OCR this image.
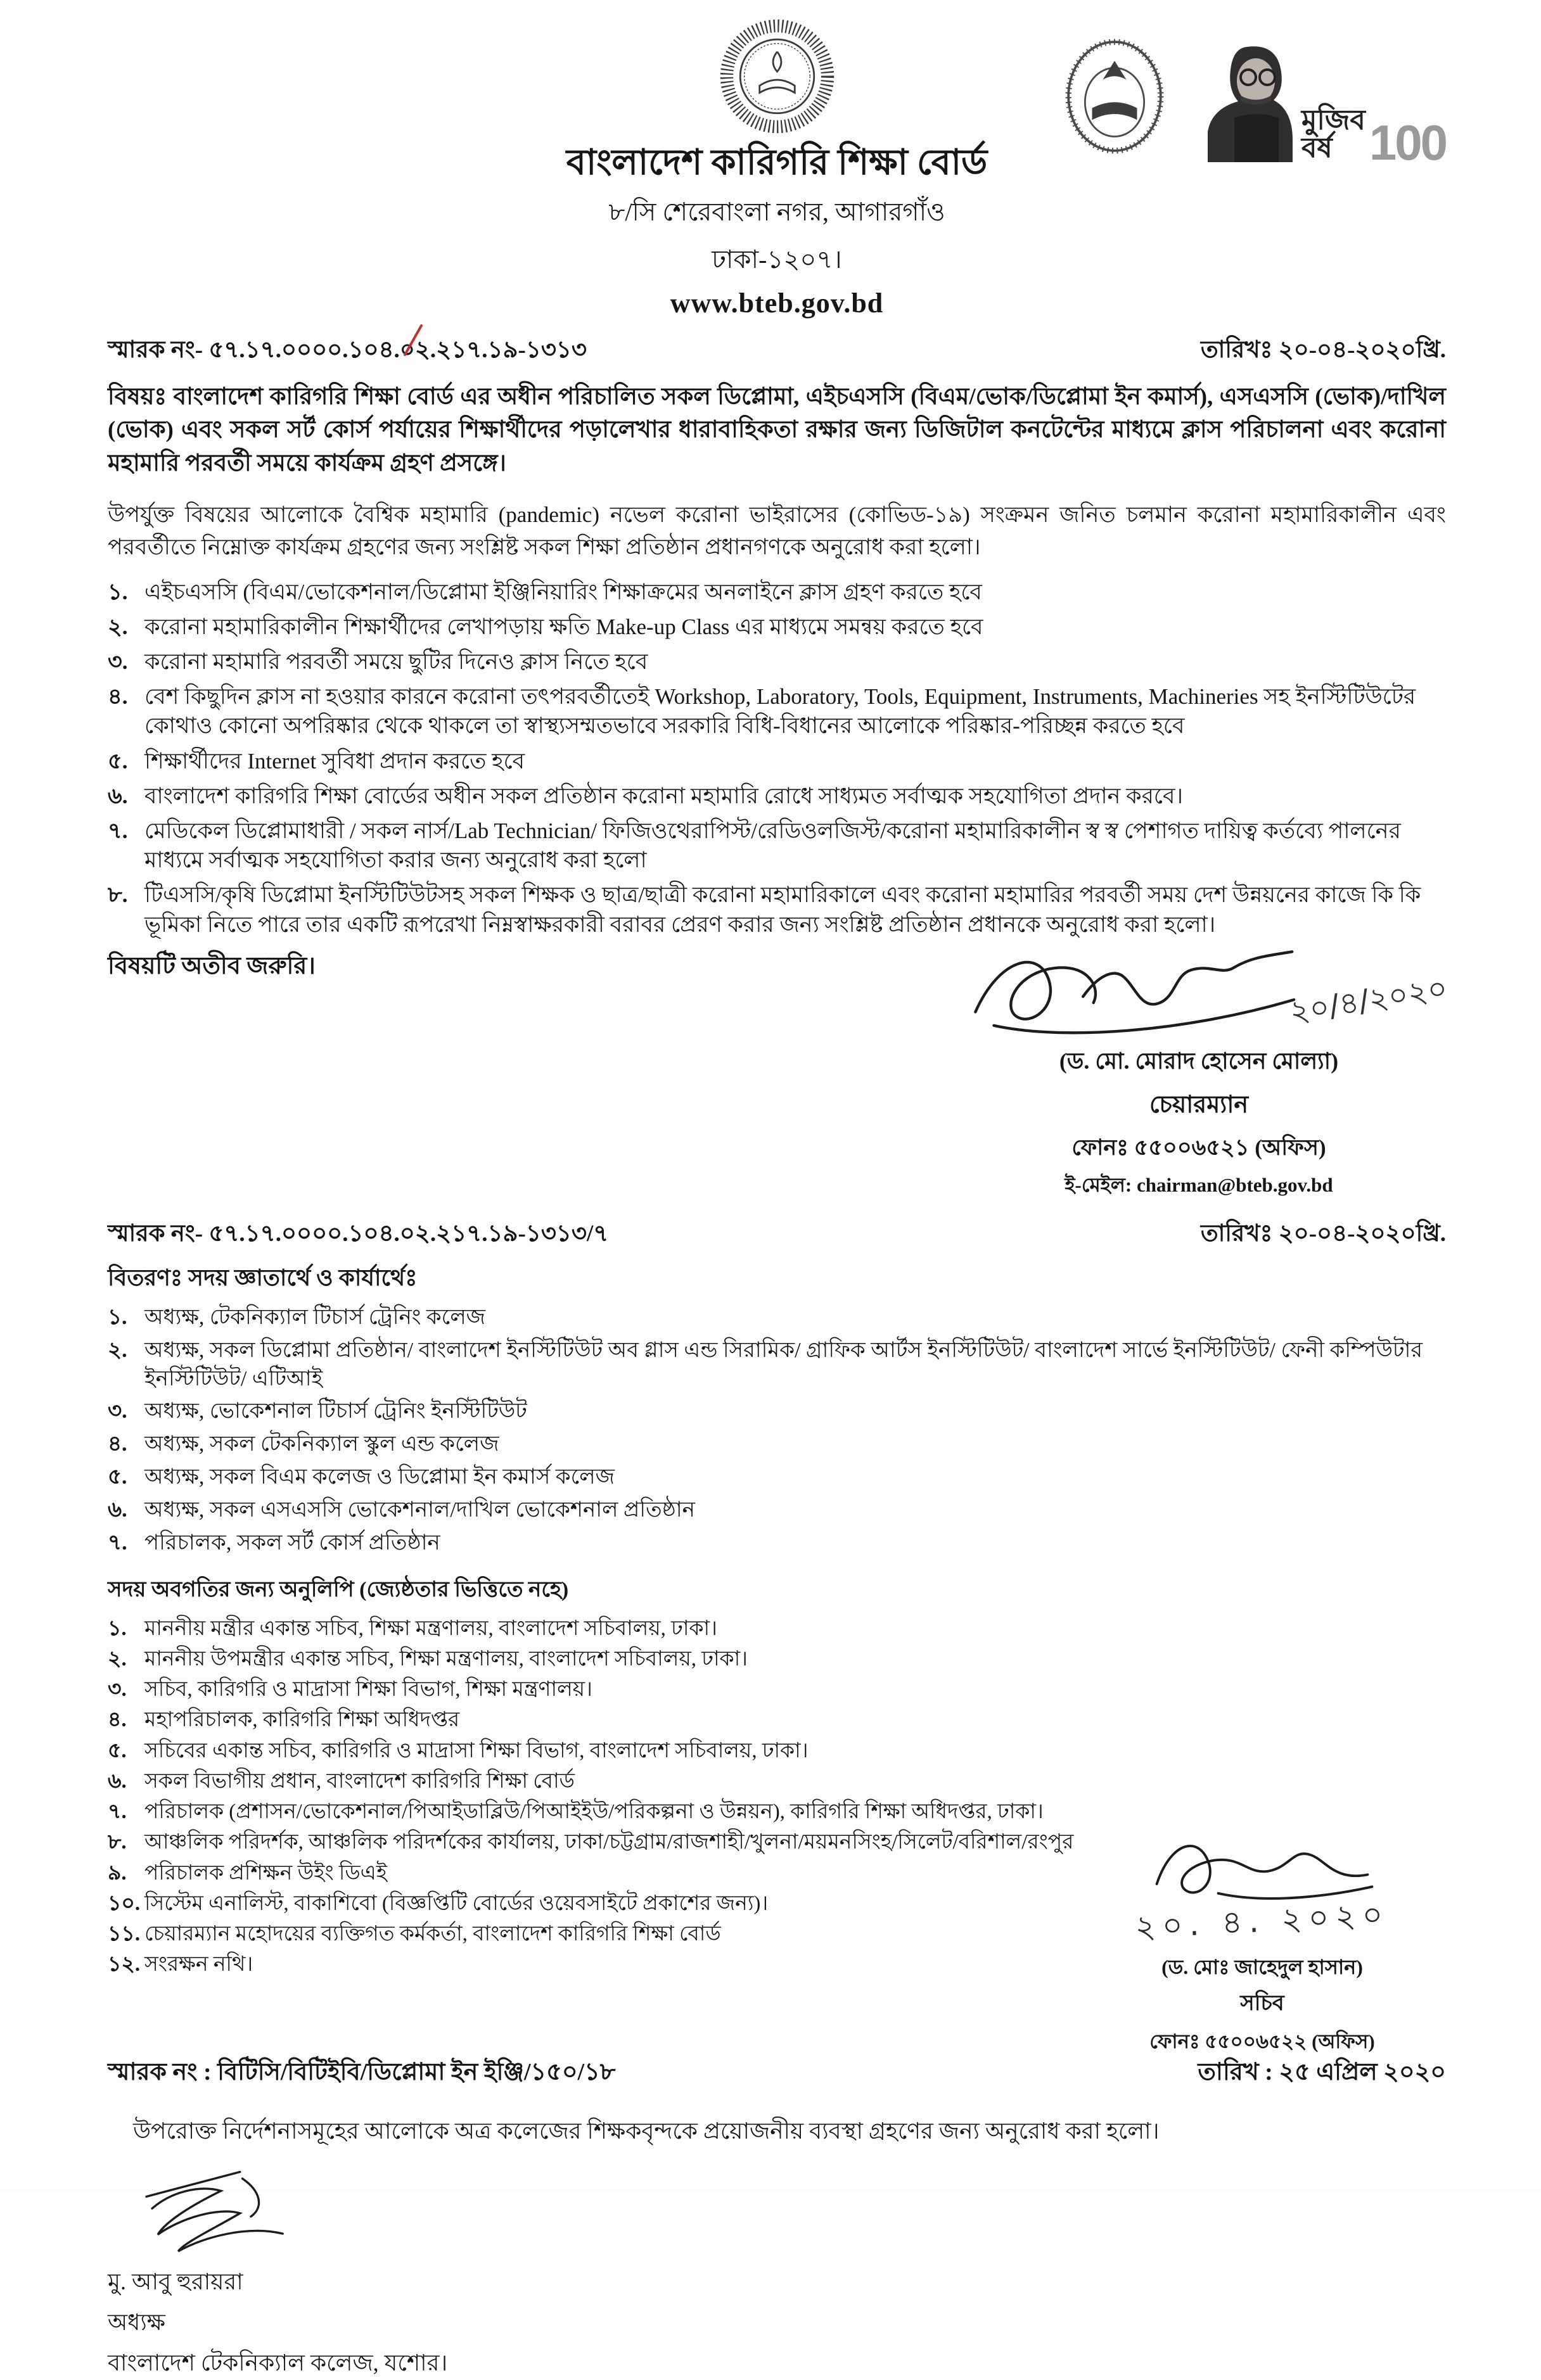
মুজিব
বর্ষ 100
বাংলাদেশ কারিগরি শিক্ষা বোর্ড
৮/সি শেরেবাংলা নগর, আগারগাঁও
ঢাকা-১২০৭।
www.bteb.gov.bd
স্মারক নং- ৫৭.১৭.০০০০.১০৪.০২.২১৭.১৯-১৩১৩	তারিখঃ ২০-০৪-২০২০খ্রি.
বিষয়ঃ বাংলাদেশ কারিগরি শিক্ষা বোর্ড এর অধীন পরিচালিত সকল ডিপ্লোমা, এইচএসসি (বিএম/ভোক/ডিপ্লোমা ইন কমার্স), এসএসসি (ভোক)/দাখিল (ভোক) এবং সকল সর্ট কোর্স পর্যায়ের শিক্ষার্থীদের পড়ালেখার ধারাবাহিকতা রক্ষার জন্য ডিজিটাল কনটেন্টের মাধ্যমে ক্লাস পরিচালনা এবং করোনা মহামারি পরবর্তী সময়ে কার্যক্রম গ্রহণ প্রসঙ্গে।
উপর্যুক্ত বিষয়ের আলোকে বৈশ্বিক মহামারি (pandemic) নভেল করোনা ভাইরাসের (কোভিড-১৯) সংক্রমন জনিত চলমান করোনা মহামারিকালীন এবং পরবর্তীতে নিম্নোক্ত কার্যক্রম গ্রহণের জন্য সংশ্লিষ্ট সকল শিক্ষা প্রতিষ্ঠান প্রধানগণকে অনুরোধ করা হলো।
১. এইচএসসি (বিএম/ভোকেশনাল/ডিপ্লোমা ইঞ্জিনিয়ারিং শিক্ষাক্রমের অনলাইনে ক্লাস গ্রহণ করতে হবে
২. করোনা মহামারিকালীন শিক্ষার্থীদের লেখাপড়ায় ক্ষতি Make-up Class এর মাধ্যমে সমন্বয় করতে হবে
৩. করোনা মহামারি পরবর্তী সময়ে ছুটির দিনেও ক্লাস নিতে হবে
৪. বেশ কিছুদিন ক্লাস না হওয়ার কারনে করোনা তৎপরবর্তীতেই Workshop, Laboratory, Tools, Equipment, Instruments, Machineries সহ ইনস্টিটিউটের কোথাও কোনো অপরিষ্কার থেকে থাকলে তা স্বাস্থ্যসম্মতভাবে সরকারি বিধি-বিধানের আলোকে পরিষ্কার-পরিচ্ছন্ন করতে হবে
৫. শিক্ষার্থীদের Internet সুবিধা প্রদান করতে হবে
৬. বাংলাদেশ কারিগরি শিক্ষা বোর্ডের অধীন সকল প্রতিষ্ঠান করোনা মহামারি রোধে সাধ্যমত সর্বাত্মক সহযোগিতা প্রদান করবে।
৭. মেডিকেল ডিপ্লোমাধারী / সকল নার্স/Lab Technician/ ফিজিওথেরাপিস্ট/রেডিওলজিস্ট/করোনা মহামারিকালীন স্ব স্ব পেশাগত দায়িত্ব কর্তব্যে পালনের মাধ্যমে সর্বাত্মক সহযোগিতা করার জন্য অনুরোধ করা হলো
৮. টিএসসি/কৃষি ডিপ্লোমা ইনস্টিটিউটসহ সকল শিক্ষক ও ছাত্র/ছাত্রী করোনা মহামারিকালে এবং করোনা মহামারির পরবর্তী সময় দেশ উন্নয়নের কাজে কি কি ভূমিকা নিতে পারে তার একটি রূপরেখা নিম্নস্বাক্ষরকারী বরাবর প্রেরণ করার জন্য সংশ্লিষ্ট প্রতিষ্ঠান প্রধানকে অনুরোধ করা হলো।
বিষয়টি অতীব জরুরি।
২০/৪/২০২০
(ড. মো. মোরাদ হোসেন মোল্যা)
চেয়ারম্যান
ফোনঃ ৫৫০০৬৫২১ (অফিস)
ই-মেইল: chairman@bteb.gov.bd
স্মারক নং- ৫৭.১৭.০০০০.১০৪.০২.২১৭.১৯-১৩১৩/৭	তারিখঃ ২০-০৪-২০২০খ্রি.
বিতরণঃ সদয় জ্ঞাতার্থে ও কার্যার্থেঃ
১. অধ্যক্ষ, টেকনিক্যাল টিচার্স ট্রেনিং কলেজ
২. অধ্যক্ষ, সকল ডিপ্লোমা প্রতিষ্ঠান/ বাংলাদেশ ইনস্টিটিউট অব গ্লাস এন্ড সিরামিক/ গ্রাফিক আর্টস ইনস্টিটিউট/ বাংলাদেশ সার্ভে ইনস্টিটিউট/ ফেনী কম্পিউটার ইনস্টিটিউট/ এটিআই
৩. অধ্যক্ষ, ভোকেশনাল টিচার্স ট্রেনিং ইনস্টিটিউট
৪. অধ্যক্ষ, সকল টেকনিক্যাল স্কুল এন্ড কলেজ
৫. অধ্যক্ষ, সকল বিএম কলেজ ও ডিপ্লোমা ইন কমার্স কলেজ
৬. অধ্যক্ষ, সকল এসএসসি ভোকেশনাল/দাখিল ভোকেশনাল প্রতিষ্ঠান
৭. পরিচালক, সকল সর্ট কোর্স প্রতিষ্ঠান
সদয় অবগতির জন্য অনুলিপি (জ্যেষ্ঠতার ভিত্তিতে নহে)
১. মাননীয় মন্ত্রীর একান্ত সচিব, শিক্ষা মন্ত্রণালয়, বাংলাদেশ সচিবালয়, ঢাকা।
২. মাননীয় উপমন্ত্রীর একান্ত সচিব, শিক্ষা মন্ত্রণালয়, বাংলাদেশ সচিবালয়, ঢাকা।
৩. সচিব, কারিগরি ও মাদ্রাসা শিক্ষা বিভাগ, শিক্ষা মন্ত্রণালয়।
৪. মহাপরিচালক, কারিগরি শিক্ষা অধিদপ্তর
৫. সচিবের একান্ত সচিব, কারিগরি ও মাদ্রাসা শিক্ষা বিভাগ, বাংলাদেশ সচিবালয়, ঢাকা।
৬. সকল বিভাগীয় প্রধান, বাংলাদেশ কারিগরি শিক্ষা বোর্ড
৭. পরিচালক (প্রশাসন/ভোকেশনাল/পিআইডাব্লিউ/পিআইইউ/পরিকল্পনা ও উন্নয়ন), কারিগরি শিক্ষা অধিদপ্তর, ঢাকা।
৮. আঞ্চলিক পরিদর্শক, আঞ্চলিক পরিদর্শকের কার্যালয়, ঢাকা/চট্টগ্রাম/রাজশাহী/খুলনা/ময়মনসিংহ/সিলেট/বরিশাল/রংপুর
৯. পরিচালক প্রশিক্ষন উইং ডিএই
১০. সিস্টেম এনালিস্ট, বাকাশিবো (বিজ্ঞপ্তিটি বোর্ডের ওয়েবসাইটে প্রকাশের জন্য)।
১১. চেয়ারম্যান মহোদয়ের ব্যক্তিগত কর্মকর্তা, বাংলাদেশ কারিগরি শিক্ষা বোর্ড
১২. সংরক্ষন নথি।
২০. ৪. ২০২০
(ড. মোঃ জাহেদুল হাসান)
সচিব
ফোনঃ ৫৫০০৬৫২২ (অফিস)
স্মারক নং : বিটিসি/বিটিইবি/ডিপ্লোমা ইন ইঞ্জি/১৫০/১৮	তারিখ : ২৫ এপ্রিল ২০২০
উপরোক্ত নির্দেশনাসমূহের আলোকে অত্র কলেজের শিক্ষকবৃন্দকে প্রয়োজনীয় ব্যবস্থা গ্রহণের জন্য অনুরোধ করা হলো।
মু. আবু হুরায়রা
অধ্যক্ষ
বাংলাদেশ টেকনিক্যাল কলেজ, যশোর।
